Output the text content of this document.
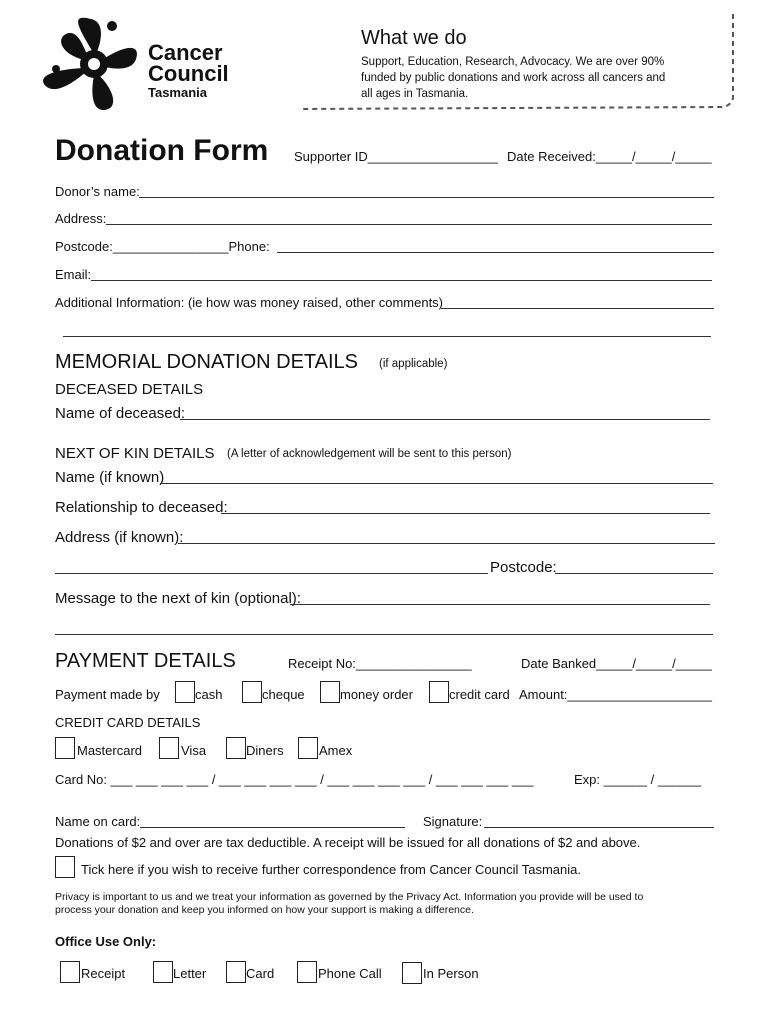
Cancer
Council
Tasmania
What we do
Support, Education, Research, Advocacy. We are over 90%
funded by public donations and work across all cancers and
all ages in Tasmania.
Donation Form Supporter ID__________________ Date Received:_____/_____/_____
Donor’s name:
Address:
Postcode:________________Phone:
Email:
Additional Information: (ie how was money raised, other comments)
MEMORIAL DONATION DETAILS (if applicable)
DECEASED DETAILS
Name of deceased:
NEXT OF KIN DETAILS (A letter of acknowledgement will be sent to this person)
Name (if known)
Relationship to deceased:
Address (if known):
Postcode:
Message to the next of kin (optional):
PAYMENT DETAILS	Receipt No:________________	Date Banked_____/_____/_____
Payment made by	cash	cheque	money order	credit card Amount:____________________
CREDIT CARD DETAILS
Mastercard	Visa	Diners	Amex
Card No: ___ ___ ___ ___ / ___ ___ ___ ___ / ___ ___ ___ ___ / ___ ___ ___ ___	Exp: ______ / ______
Name on card:	Signature:
Donations of $2 and over are tax deductible. A receipt will be issued for all donations of $2 and above.
Tick here if you wish to receive further correspondence from Cancer Council Tasmania.
Privacy is important to us and we treat your information as governed by the Privacy Act. Information you provide will be used to
process your donation and keep you informed on how your support is making a difference.
Office Use Only:
Receipt	Letter	Card	Phone Call	In Person
